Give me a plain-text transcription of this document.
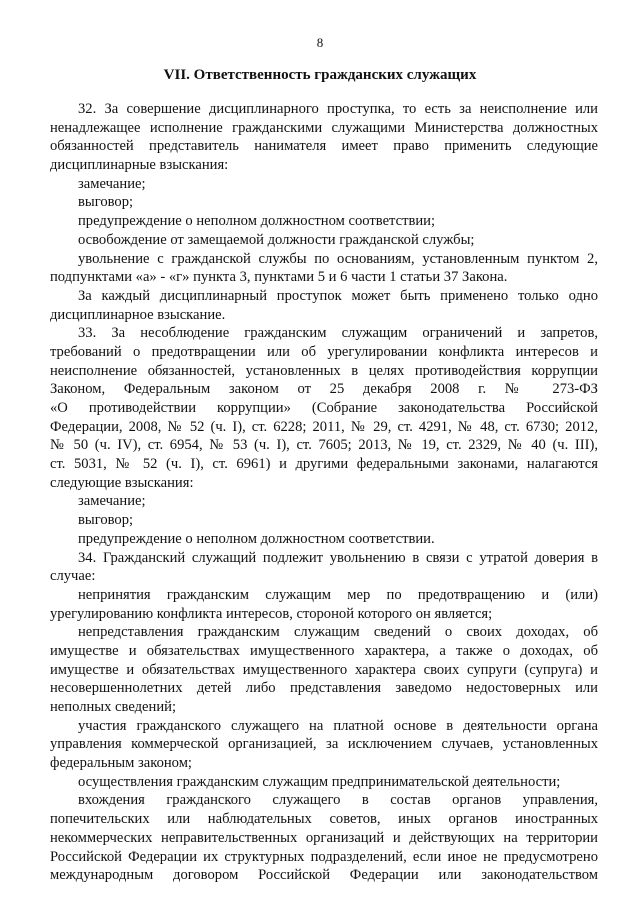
8
VII. Ответственность гражданских служащих
32. За совершение дисциплинарного проступка, то есть за неисполнение или
ненадлежащее исполнение гражданскими служащими Министерства должностных
обязанностей представитель нанимателя имеет право применить следующие
дисциплинарные взыскания:
замечание;
выговор;
предупреждение о неполном должностном соответствии;
освобождение от замещаемой должности гражданской службы;
увольнение с гражданской службы по основаниям, установленным пунктом 2,
подпунктами «а» - «г» пункта 3, пунктами 5 и 6 части 1 статьи 37 Закона.
За каждый дисциплинарный проступок может быть применено только одно
дисциплинарное взыскание.
33. За несоблюдение гражданским служащим ограничений и запретов,
требований о предотвращении или об урегулировании конфликта интересов и
неисполнение обязанностей, установленных в целях противодействия коррупции
Законом, Федеральным законом от 25 декабря 2008 г. № 273-ФЗ
«О противодействии коррупции» (Собрание законодательства Российской
Федерации, 2008, № 52 (ч. I), ст. 6228; 2011, № 29, ст. 4291, № 48, ст. 6730; 2012,
№ 50 (ч. IV), ст. 6954, № 53 (ч. I), ст. 7605; 2013, № 19, ст. 2329, № 40 (ч. III),
ст. 5031, № 52 (ч. I), ст. 6961) и другими федеральными законами, налагаются
следующие взыскания:
замечание;
выговор;
предупреждение о неполном должностном соответствии.
34. Гражданский служащий подлежит увольнению в связи с утратой доверия в
случае:
непринятия гражданским служащим мер по предотвращению и (или)
урегулированию конфликта интересов, стороной которого он является;
непредставления гражданским служащим сведений о своих доходах, об
имуществе и обязательствах имущественного характера, а также о доходах, об
имуществе и обязательствах имущественного характера своих супруги (супруга) и
несовершеннолетних детей либо представления заведомо недостоверных или
неполных сведений;
участия гражданского служащего на платной основе в деятельности органа
управления коммерческой организацией, за исключением случаев, установленных
федеральным законом;
осуществления гражданским служащим предпринимательской деятельности;
вхождения гражданского служащего в состав органов управления,
попечительских или наблюдательных советов, иных органов иностранных
некоммерческих неправительственных организаций и действующих на территории
Российской Федерации их структурных подразделений, если иное не предусмотрено
международным договором Российской Федерации или законодательством
